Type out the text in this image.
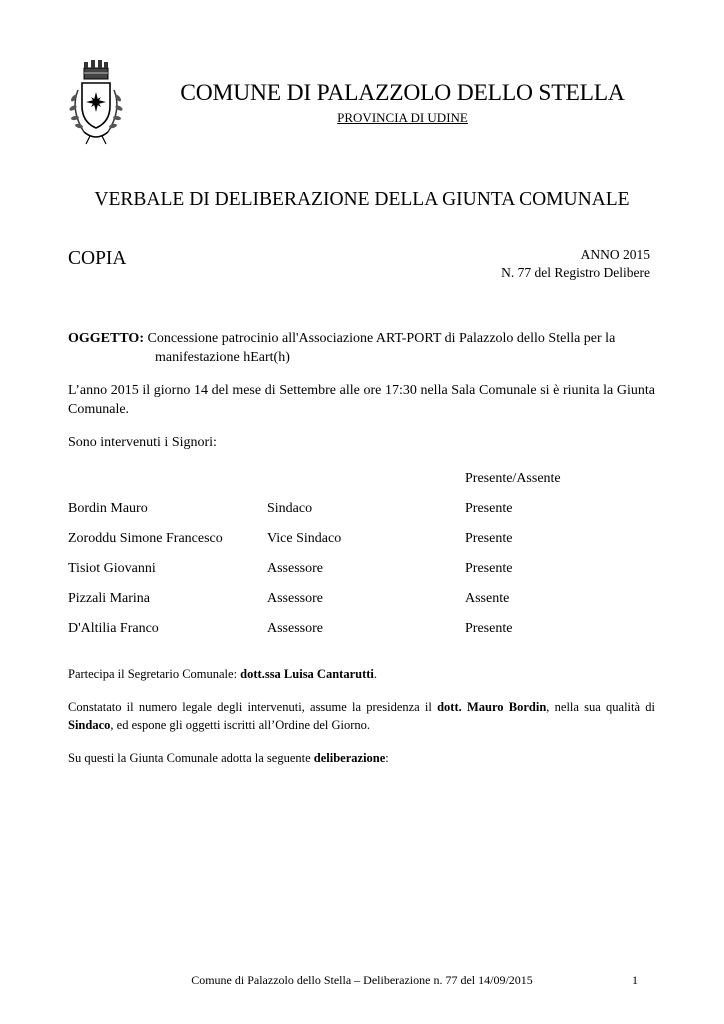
COMUNE DI PALAZZOLO DELLO STELLA
PROVINCIA DI UDINE
VERBALE DI DELIBERAZIONE DELLA GIUNTA COMUNALE
COPIA	ANNO 2015
N. 77 del Registro Delibere
OGGETTO: Concessione patrocinio all'Associazione ART-PORT di Palazzolo dello Stella per la
manifestazione hEart(h)
L’anno 2015 il giorno 14 del mese di Settembre alle ore 17:30 nella Sala Comunale si è riunita la Giunta Comunale.
Sono intervenuti i Signori:
Presente/Assente
Bordin Mauro	Sindaco	Presente
Zoroddu Simone Francesco	Vice Sindaco	Presente
Tisiot Giovanni	Assessore	Presente
Pizzali Marina	Assessore	Assente
D'Altilia Franco	Assessore	Presente
Partecipa il Segretario Comunale: dott.ssa Luisa Cantarutti.
Constatato il numero legale degli intervenuti, assume la presidenza il dott. Mauro Bordin, nella sua qualità di Sindaco, ed espone gli oggetti iscritti all’Ordine del Giorno.
Su questi la Giunta Comunale adotta la seguente deliberazione:
Comune di Palazzolo dello Stella – Deliberazione n. 77 del 14/09/2015	1
